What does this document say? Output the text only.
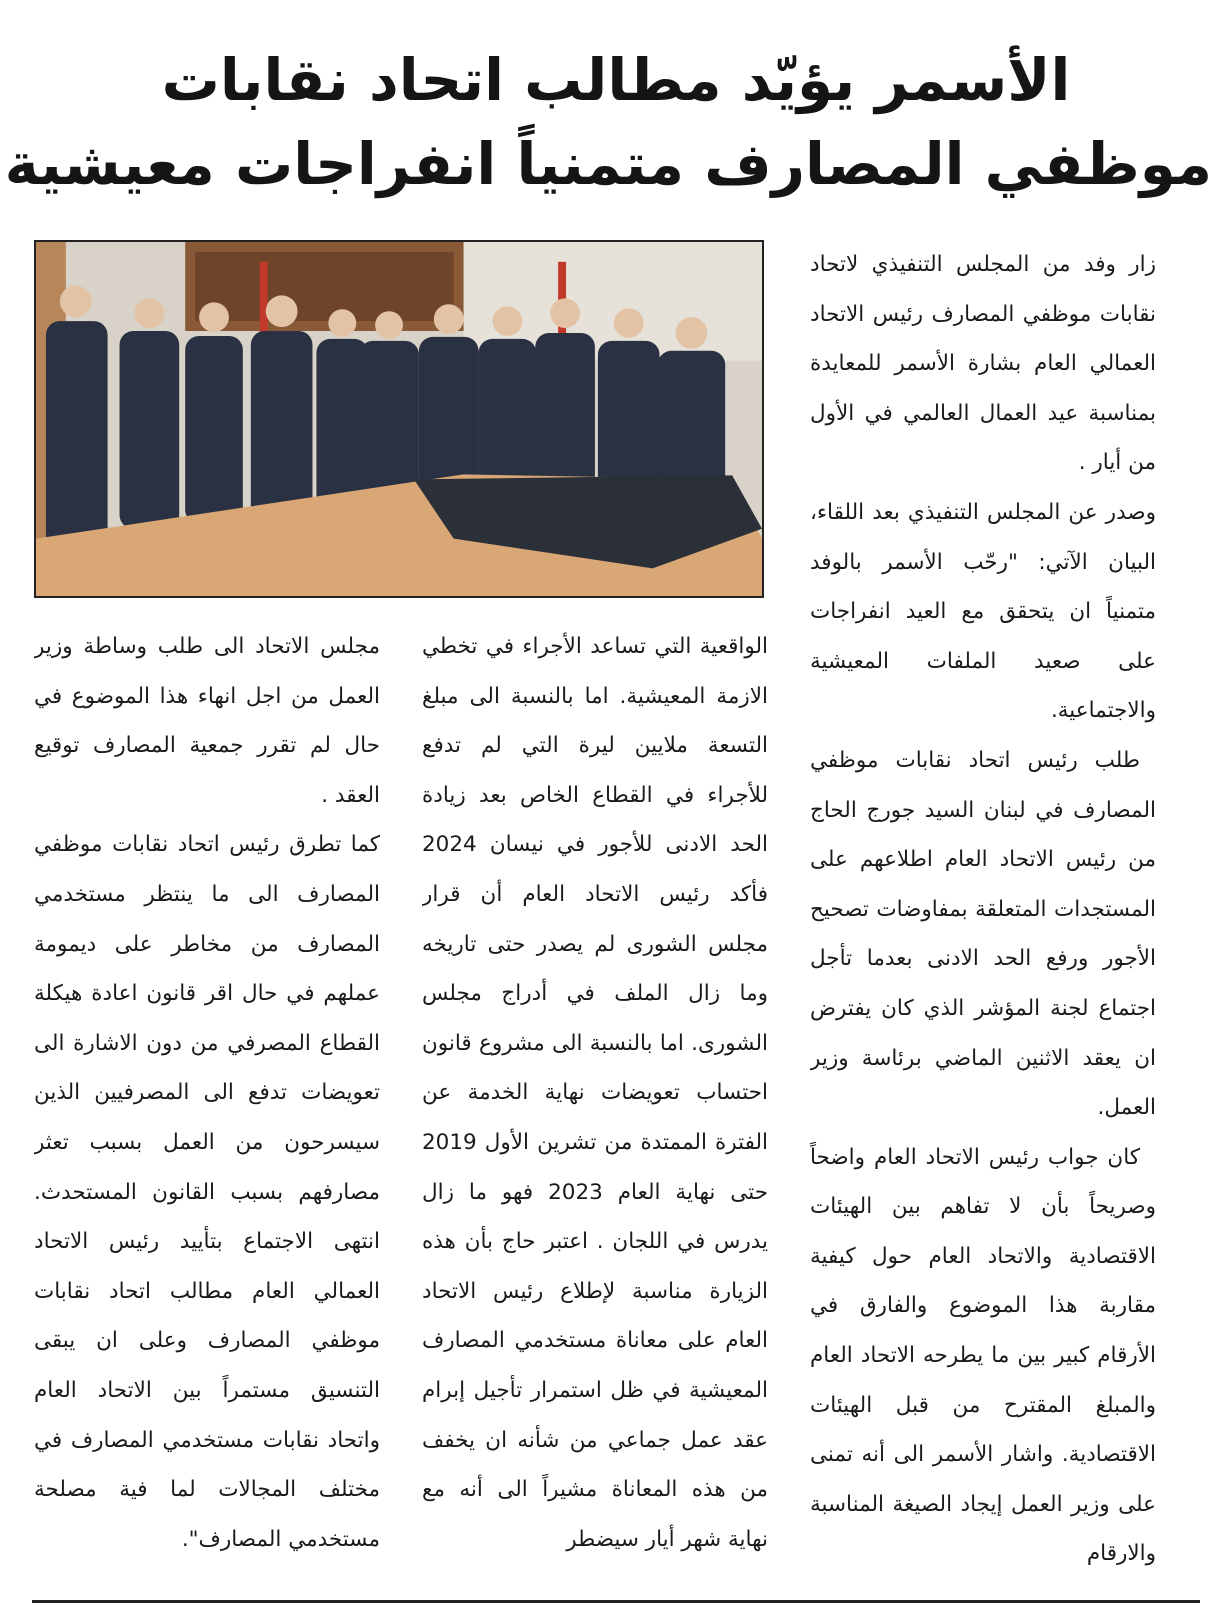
الأسمر يؤيّد مطالب اتحاد نقابات
موظفي المصارف متمنياً انفراجات معيشية

زار وفد من المجلس التنفيذي لاتحاد نقابات موظفي المصارف رئيس الاتحاد العمالي العام بشارة الأسمر للمعايدة بمناسبة عيد العمال العالمي في الأول من أيار .

وصدر عن المجلس التنفيذي بعد اللقاء، البيان الآتي: "رحّب الأسمر بالوفد متمنياً ان يتحقق مع العيد انفراجات على صعيد الملفات المعيشية والاجتماعية.

طلب رئيس اتحاد نقابات موظفي المصارف في لبنان السيد جورج الحاج من رئيس الاتحاد العام اطلاعهم على المستجدات المتعلقة بمفاوضات تصحيح الأجور ورفع الحد الادنى بعدما تأجل اجتماع لجنة المؤشر الذي كان يفترض ان يعقد الاثنين الماضي برئاسة وزير العمل.

كان جواب رئيس الاتحاد العام واضحاً وصريحاً بأن لا تفاهم بين الهيئات الاقتصادية والاتحاد العام حول كيفية مقاربة هذا الموضوع والفارق في الأرقام كبير بين ما يطرحه الاتحاد العام والمبلغ المقترح من قبل الهيئات الاقتصادية. واشار الأسمر الى أنه تمنى على وزير العمل إيجاد الصيغة المناسبة والارقام

الواقعية التي تساعد الأجراء في تخطي الازمة المعيشية. اما بالنسبة الى مبلغ التسعة ملايين ليرة التي لم تدفع للأجراء في القطاع الخاص بعد زيادة الحد الادنى للأجور في نيسان 2024 فأكد رئيس الاتحاد العام أن قرار مجلس الشورى لم يصدر حتى تاريخه وما زال الملف في أدراج مجلس الشورى. اما بالنسبة الى مشروع قانون احتساب تعويضات نهاية الخدمة عن الفترة الممتدة من تشرين الأول 2019 حتى نهاية العام 2023 فهو ما زال يدرس في اللجان . اعتبر حاج بأن هذه الزيارة مناسبة لإطلاع رئيس الاتحاد العام على معاناة مستخدمي المصارف المعيشية في ظل استمرار تأجيل إبرام عقد عمل جماعي من شأنه ان يخفف من هذه المعاناة مشيراً الى أنه مع نهاية شهر أيار سيضطر

مجلس الاتحاد الى طلب وساطة وزير العمل من اجل انهاء هذا الموضوع في حال لم تقرر جمعية المصارف توقيع العقد .

كما تطرق رئيس اتحاد نقابات موظفي المصارف الى ما ينتظر مستخدمي المصارف من مخاطر على ديمومة عملهم في حال اقر قانون اعادة هيكلة القطاع المصرفي من دون الاشارة الى تعويضات تدفع الى المصرفيين الذين سيسرحون من العمل بسبب تعثر مصارفهم بسبب القانون المستحدث. انتهى الاجتماع بتأييد رئيس الاتحاد العمالي العام مطالب اتحاد نقابات موظفي المصارف وعلى ان يبقى التنسيق مستمراً بين الاتحاد العام واتحاد نقابات مستخدمي المصارف في مختلف المجالات لما فية مصلحة مستخدمي المصارف".
